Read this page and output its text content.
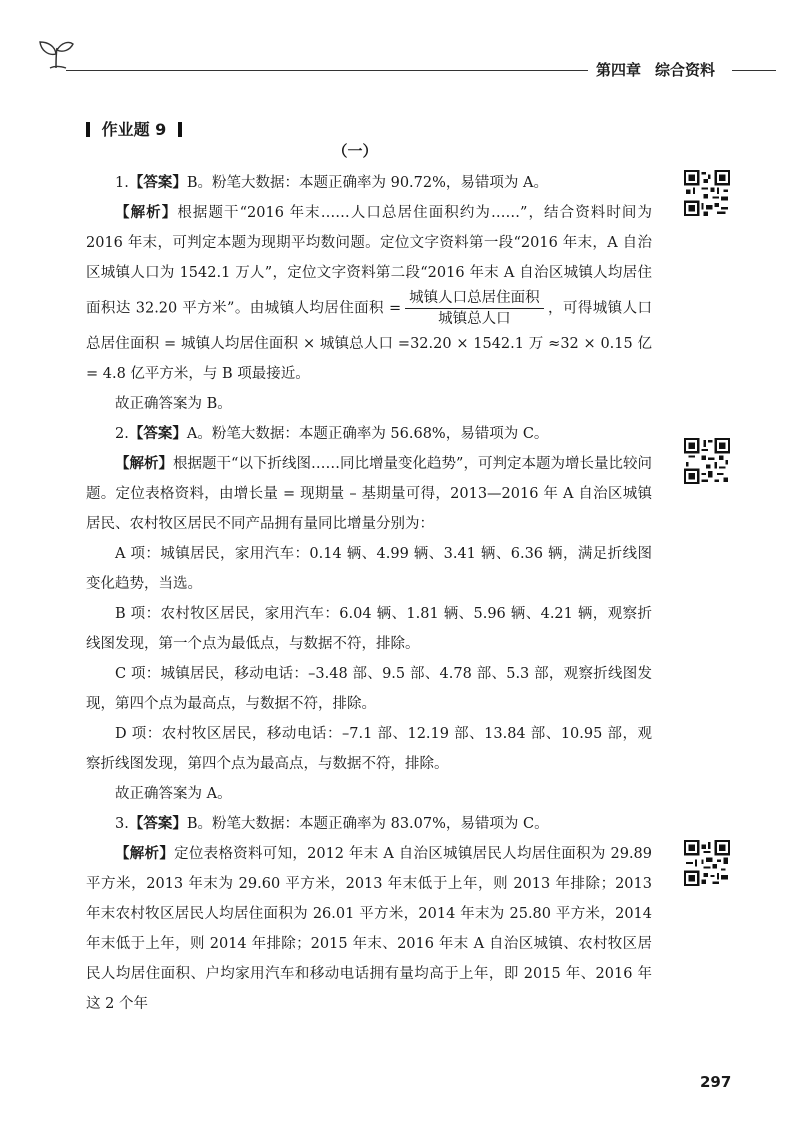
第四章 综合资料
作业题 9
（一）

1.【答案】B。粉笔大数据：本题正确率为 90.72%，易错项为 A。

【解析】根据题干“2016 年末……人口总居住面积约为……”，结合资料时间为 2016 年末，可判定本题为现期平均数问题。定位文字资料第一段“2016 年末，A 自治区城镇人口为 1542.1 万人”，定位文字资料第二段“2016 年末 A 自治区城镇人均居住面积达 32.20 平方米”。由城镇人均居住面积 = $\frac{\text{城镇人口总居住面积}}{\text{城镇总人口}}$ ，可得城镇人口总居住面积 = 城镇人均居住面积 × 城镇总人口 =32.20 × 1542.1 万 ≈32 × 0.15 亿 = 4.8 亿平方米，与 B 项最接近。

故正确答案为 B。

2.【答案】A。粉笔大数据：本题正确率为 56.68%，易错项为 C。

【解析】根据题干“以下折线图……同比增量变化趋势”，可判定本题为增长量比较问题。定位表格资料，由增长量 = 现期量 – 基期量可得，2013—2016 年 A 自治区城镇居民、农村牧区居民不同产品拥有量同比增量分别为：

A 项：城镇居民，家用汽车：0.14 辆、4.99 辆、3.41 辆、6.36 辆，满足折线图变化趋势，当选。

B 项：农村牧区居民，家用汽车：6.04 辆、1.81 辆、5.96 辆、4.21 辆，观察折线图发现，第一个点为最低点，与数据不符，排除。

C 项：城镇居民，移动电话：–3.48 部、9.5 部、4.78 部、5.3 部，观察折线图发现，第四个点为最高点，与数据不符，排除。

D 项：农村牧区居民，移动电话：–7.1 部、12.19 部、13.84 部、10.95 部，观察折线图发现，第四个点为最高点，与数据不符，排除。

故正确答案为 A。

3.【答案】B。粉笔大数据：本题正确率为 83.07%，易错项为 C。

【解析】定位表格资料可知，2012 年末 A 自治区城镇居民人均居住面积为 29.89 平方米，2013 年末为 29.60 平方米，2013 年末低于上年，则 2013 年排除；2013 年末农村牧区居民人均居住面积为 26.01 平方米，2014 年末为 25.80 平方米，2014 年末低于上年，则 2014 年排除；2015 年末、2016 年末 A 自治区城镇、农村牧区居民人均居住面积、户均家用汽车和移动电话拥有量均高于上年，即 2015 年、2016 年这 2 个年

297
